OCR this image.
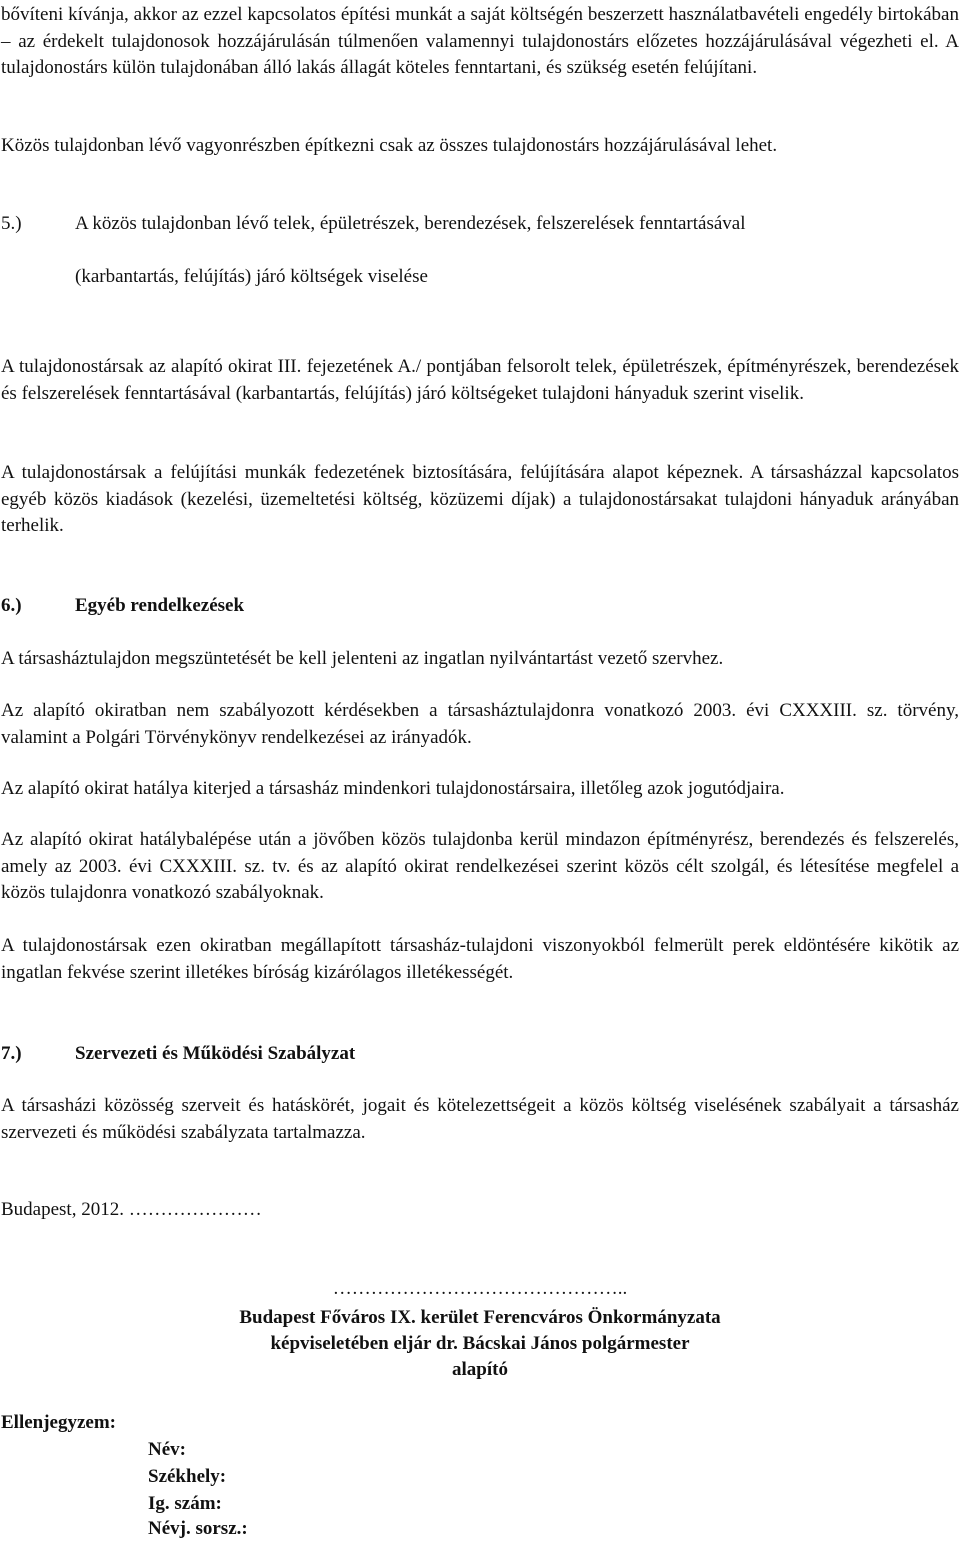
bővíteni kívánja, akkor az ezzel kapcsolatos építési munkát a saját költségén beszerzett használatbavételi engedély birtokában – az érdekelt tulajdonosok hozzájárulásán túlmenően valamennyi tulajdonostárs előzetes hozzájárulásával végezheti el. A tulajdonostárs külön tulajdonában álló lakás állagát köteles fenntartani, és szükség esetén felújítani.

Közös tulajdonban lévő vagyonrészben építkezni csak az összes tulajdonostárs hozzájárulásával lehet.

5.)	A közös tulajdonban lévő telek, épületrészek, berendezések, felszerelések fenntartásával
(karbantartás, felújítás) járó költségek viselése

A tulajdonostársak az alapító okirat III. fejezetének A./ pontjában felsorolt telek, épületrészek, építményrészek, berendezések és felszerelések fenntartásával (karbantartás, felújítás) járó költségeket tulajdoni hányaduk szerint viselik.

A tulajdonostársak a felújítási munkák fedezetének biztosítására, felújítására alapot képeznek. A társasházzal kapcsolatos egyéb közös kiadások (kezelési, üzemeltetési költség, közüzemi díjak) a tulajdonostársakat tulajdoni hányaduk arányában terhelik.

6.)	Egyéb rendelkezések

A társasháztulajdon megszüntetését be kell jelenteni az ingatlan nyilvántartást vezető szervhez.

Az alapító okiratban nem szabályozott kérdésekben a társasháztulajdonra vonatkozó 2003. évi CXXXIII. sz. törvény, valamint a Polgári Törvénykönyv rendelkezései az irányadók.

Az alapító okirat hatálya kiterjed a társasház mindenkori tulajdonostársaira, illetőleg azok jogutódjaira.

Az alapító okirat hatálybalépése után a jövőben közös tulajdonba kerül mindazon építményrész, berendezés és felszerelés, amely az 2003. évi CXXXIII. sz. tv. és az alapító okirat rendelkezései szerint közös célt szolgál, és létesítése megfelel a közös tulajdonra vonatkozó szabályoknak.

A tulajdonostársak ezen okiratban megállapított társasház-tulajdoni viszonyokból felmerült perek eldöntésére kikötik az ingatlan fekvése szerint illetékes bíróság kizárólagos illetékességét.

7.)	Szervezeti és Működési Szabályzat

A társasházi közösség szerveit és hatáskörét, jogait és kötelezettségeit a közös költség viselésének szabályait a társasház szervezeti és működési szabályzata tartalmazza.

Budapest, 2012. …………………

………………………………………..
Budapest Főváros IX. kerület Ferencváros Önkormányzata
képviseletében eljár dr. Bácskai János polgármester
alapító
Ellenjegyzem:
Név:
Székhely:
Ig. szám:
Névj. sorsz.:
